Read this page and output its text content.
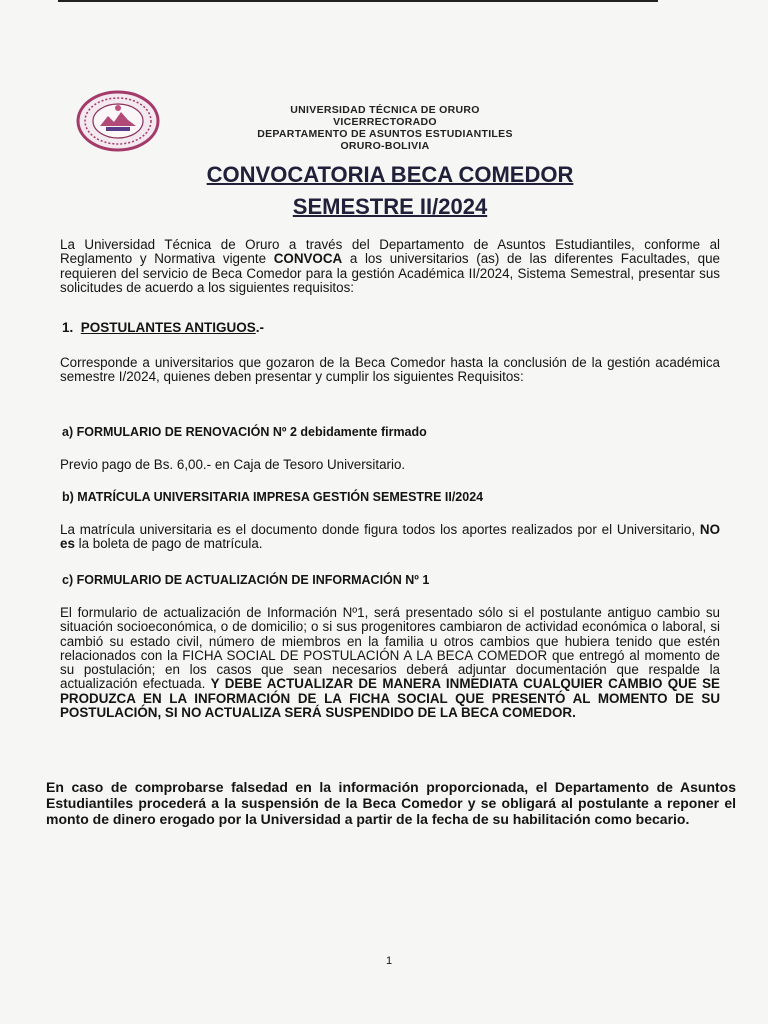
UNIVERSIDAD TÉCNICA DE ORURO
VICERRECTORADO
DEPARTAMENTO DE ASUNTOS ESTUDIANTILES
ORURO-BOLIVIA
CONVOCATORIA BECA COMEDOR
SEMESTRE II/2024

La Universidad Técnica de Oruro a través del Departamento de Asuntos Estudiantiles, conforme al Reglamento y Normativa vigente CONVOCA a los universitarios (as) de las diferentes Facultades, que requieren del servicio de Beca Comedor para la gestión Académica II/2024, Sistema Semestral, presentar sus solicitudes de acuerdo a los siguientes requisitos:

1. POSTULANTES ANTIGUOS.-

Corresponde a universitarios que gozaron de la Beca Comedor hasta la conclusión de la gestión académica semestre I/2024, quienes deben presentar y cumplir los siguientes Requisitos:

a) FORMULARIO DE RENOVACIÓN Nº 2 debidamente firmado

Previo pago de Bs. 6,00.- en Caja de Tesoro Universitario.

b) MATRÍCULA UNIVERSITARIA IMPRESA GESTIÓN SEMESTRE II/2024

La matrícula universitaria es el documento donde figura todos los aportes realizados por el Universitario, NO es la boleta de pago de matrícula.

c) FORMULARIO DE ACTUALIZACIÓN DE INFORMACIÓN Nº 1

El formulario de actualización de Información Nº1, será presentado sólo si el postulante antiguo cambio su situación socioeconómica, o de domicilio; o si sus progenitores cambiaron de actividad económica o laboral, si cambió su estado civil, número de miembros en la familia u otros cambios que hubiera tenido que estén relacionados con la FICHA SOCIAL DE POSTULACIÓN A LA BECA COMEDOR que entregó al momento de su postulación; en los casos que sean necesarios deberá adjuntar documentación que respalde la actualización efectuada. Y DEBE ACTUALIZAR DE MANERA INMEDIATA CUALQUIER CAMBIO QUE SE PRODUZCA EN LA INFORMACIÓN DE LA FICHA SOCIAL QUE PRESENTÓ AL MOMENTO DE SU POSTULACIÓN, SI NO ACTUALIZA SERÁ SUSPENDIDO DE LA BECA COMEDOR.

En caso de comprobarse falsedad en la información proporcionada, el Departamento de Asuntos Estudiantiles procederá a la suspensión de la Beca Comedor y se obligará al postulante a reponer el monto de dinero erogado por la Universidad a partir de la fecha de su habilitación como becario.

1
